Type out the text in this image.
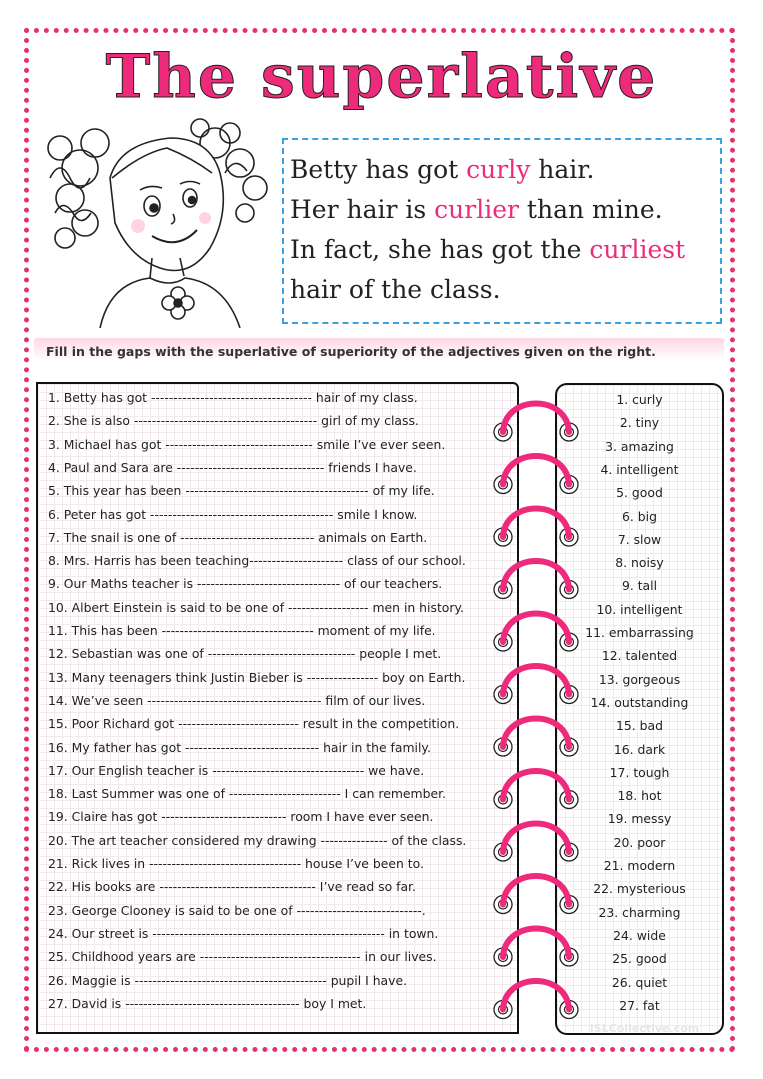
The superlative
Betty has got curly hair.
Her hair is curlier than mine.
In fact, she has got the curliest
hair of the class.
Fill in the gaps with the superlative of superiority of the adjectives given on the right.
1. Betty has got ------------------------------------ hair of my class.
2. She is also ----------------------------------------- girl of my class.
3. Michael has got --------------------------------- smile I’ve ever seen.
4. Paul and Sara are --------------------------------- friends I have.
5. This year has been ----------------------------------------- of my life.
6. Peter has got ----------------------------------------- smile I know.
7. The snail is one of ------------------------------ animals on Earth.
8. Mrs. Harris has been teaching--------------------- class of our school.
9. Our Maths teacher is -------------------------------- of our teachers.
10. Albert Einstein is said to be one of ------------------ men in history.
11. This has been ---------------------------------- moment of my life.
12. Sebastian was one of --------------------------------- people I met.
13. Many teenagers think Justin Bieber is ---------------- boy on Earth.
14. We’ve seen --------------------------------------- film of our lives.
15. Poor Richard got --------------------------- result in the competition.
16. My father has got ------------------------------ hair in the family.
17. Our English teacher is ---------------------------------- we have.
18. Last Summer was one of ------------------------- I can remember.
19. Claire has got ---------------------------- room I have ever seen.
20. The art teacher considered my drawing --------------- of the class.
21. Rick lives in ---------------------------------- house I’ve been to.
22. His books are ----------------------------------- I’ve read so far.
23. George Clooney is said to be one of ----------------------------.
24. Our street is ---------------------------------------------------- in town.
25. Childhood years are ------------------------------------ in our lives.
26. Maggie is ------------------------------------------- pupil I have.
27. David is --------------------------------------- boy I met.
1. curly
2. tiny
3. amazing
4. intelligent
5. good
6. big
7. slow
8. noisy
9. tall
10. intelligent
11. embarrassing
12. talented
13. gorgeous
14. outstanding
15. bad
16. dark
17. tough
18. hot
19. messy
20. poor
21. modern
22. mysterious
23. charming
24. wide
25. good
26. quiet
27. fat
iSLCollective.com
